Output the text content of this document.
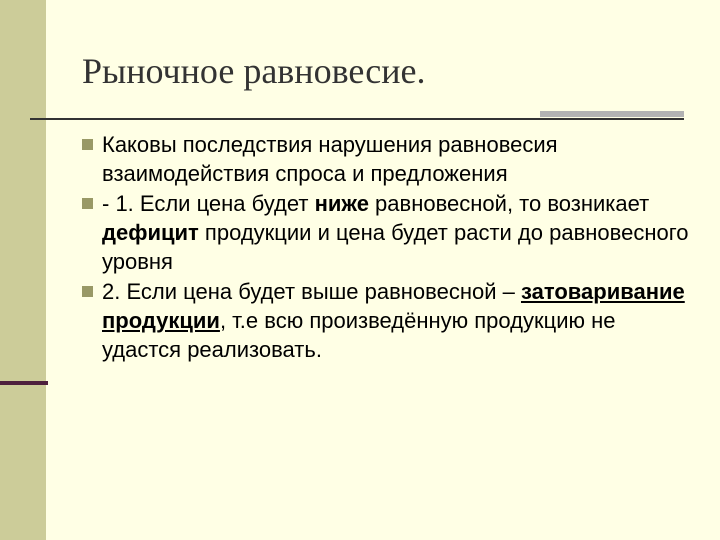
Рыночное равновесие.
Каковы последствия нарушения равновесия взаимодействия спроса и предложения
- 1. Если цена будет ниже равновесной, то возникает дефицит продукции и цена будет расти до равновесного уровня
2. Если цена будет выше равновесной – затоваривание продукции, т.е всю произведённую продукцию не удастся реализовать.
